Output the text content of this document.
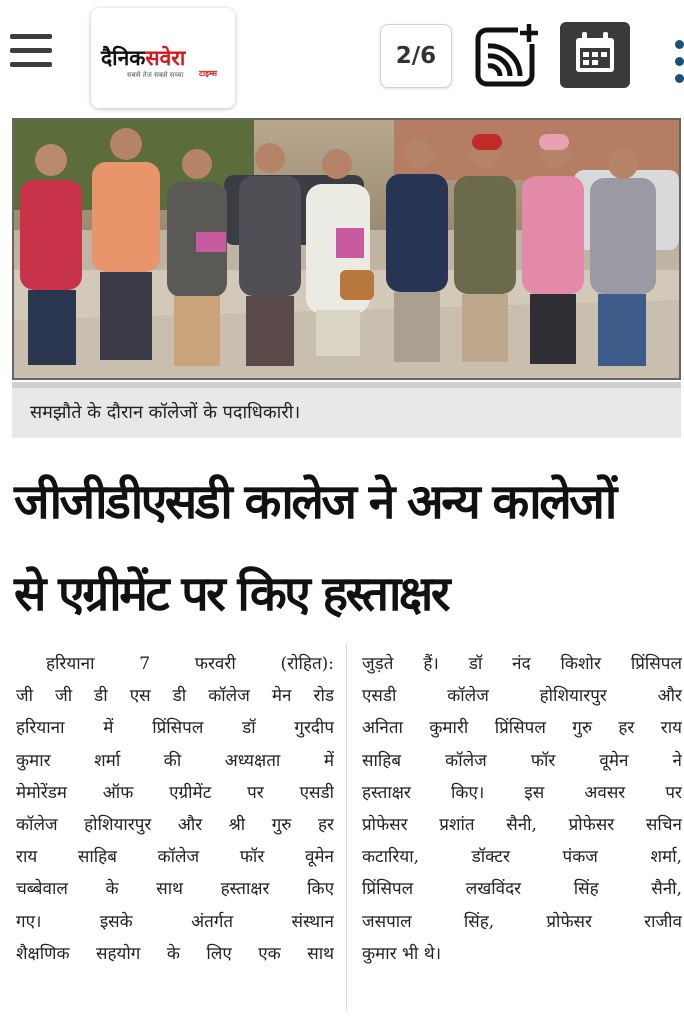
दैनिकसवेरा
सबसे तेज सबसे सच्चा टाइम्स
2/6
समझौते के दौरान कॉलेजों के पदाधिकारी।
जीजीडीएसडी कालेज ने अन्य कालेजों
से एग्रीमेंट पर किए हस्ताक्षर
हरियाना 7 फरवरी (रोहित):
जी जी डी एस डी कॉलेज मेन रोड
हरियाना में प्रिंसिपल डॉ गुरदीप
कुमार शर्मा की अध्यक्षता में
मेमोरेंडम ऑफ एग्रीमेंट पर एसडी
कॉलेज होशियारपुर और श्री गुरु हर
राय साहिब कॉलेज फॉर वूमेन
चब्बेवाल के साथ हस्ताक्षर किए
गए। इसके अंतर्गत संस्थान
शैक्षणिक सहयोग के लिए एक साथ
जुड़ते हैं। डॉ नंद किशोर प्रिंसिपल
एसडी कॉलेज होशियारपुर और
अनिता कुमारी प्रिंसिपल गुरु हर राय
साहिब कॉलेज फॉर वूमेन ने
हस्ताक्षर किए। इस अवसर पर
प्रोफेसर प्रशांत सैनी, प्रोफेसर सचिन
कटारिया, डॉक्टर पंकज शर्मा,
प्रिंसिपल लखविंदर सिंह सैनी,
जसपाल सिंह, प्रोफेसर राजीव
कुमार भी थे।
